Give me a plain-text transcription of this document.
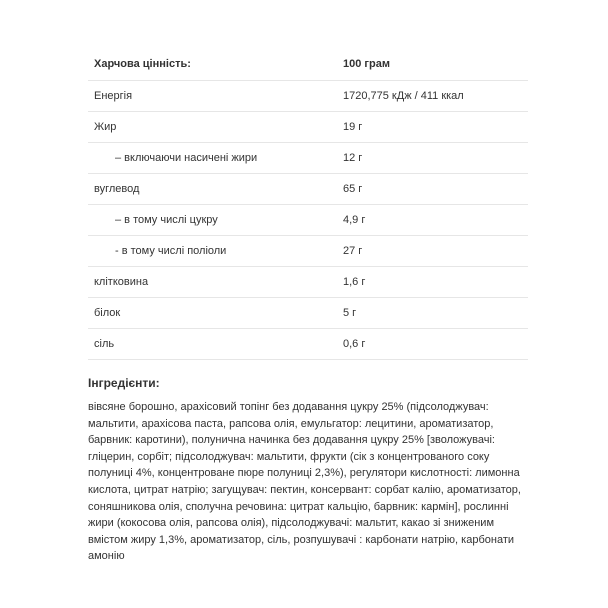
Харчова цінність:	100 грам
Енергія	1720,775 кДж / 411 ккал
Жир	19 г
– включаючи насичені жири	12 г
вуглевод	65 г
– в тому числі цукру	4,9 г
- в тому числі поліоли	27 г
клітковина	1,6 г
білок	5 г
сіль	0,6 г
Інгредієнти:

вівсяне борошно, арахісовий топінг без додавання цукру 25% (підсолоджувач: мальтити, арахісова паста, рапсова олія, емульгатор: лецитини, ароматизатор, барвник: каротини), полунична начинка без додавання цукру 25% [зволожувачі: гліцерин, сорбіт; підсолоджувач: мальтити, фрукти (сік з концентрованого соку полуниці 4%, концентроване пюре полуниці 2,3%), регулятори кислотності: лимонна кислота, цитрат натрію; загущувач: пектин, консервант: сорбат калію, ароматизатор, соняшникова олія, сполучна речовина: цитрат кальцію, барвник: кармін], рослинні жири (кокосова олія, рапсова олія), підсолоджувачі: мальтит, какао зі зниженим вмістом жиру 1,3%, ароматизатор, сіль, розпушувачі : карбонати натрію, карбонати амонію
